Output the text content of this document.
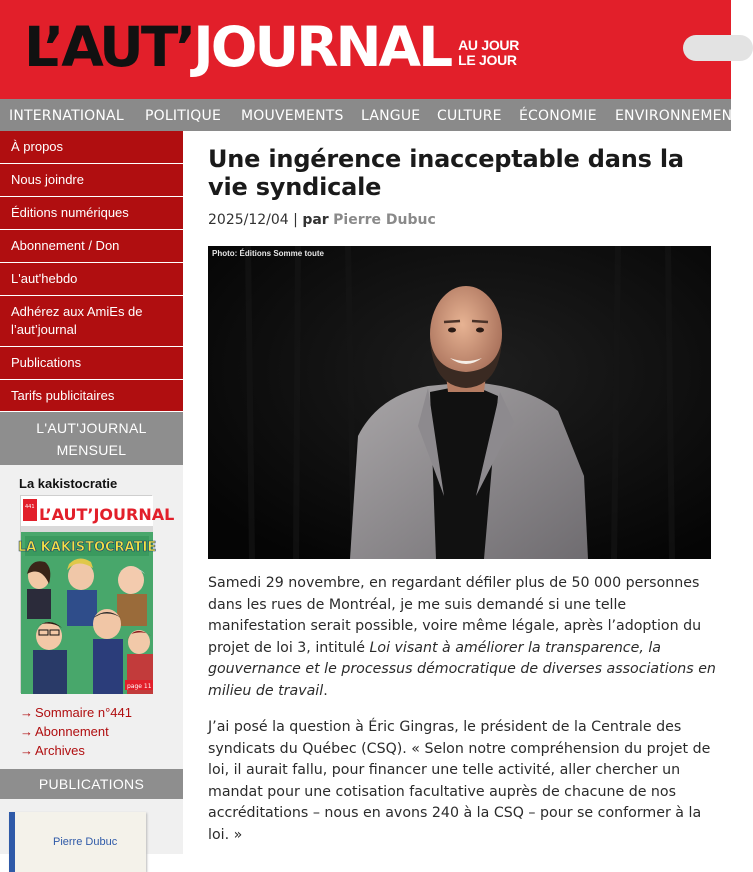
L’AUT’JOURNAL AU JOUR
LE JOUR
INTERNATIONAL POLITIQUE MOUVEMENTS LANGUE CULTURE ÉCONOMIE ENVIRONNEMENT
À propos
Nous joindre
Éditions numériques
Abonnement / Don
L'aut'hebdo
Adhérez aux AmiEs de
l’aut’journal
Publications
Tarifs publicitaires
L'AUT'JOURNAL
MENSUEL
La kakistocratie
L’AUT’JOURNAL
LA KAKISTOCRATIE
441
page 11
→ Sommaire n°441
→ Abonnement
→ Archives
PUBLICATIONS
Pierre Dubuc
Une ingérence inacceptable dans la vie syndicale
2025/12/04 | par Pierre Dubuc
Photo: Éditions Somme toute

Samedi 29 novembre, en regardant défiler plus de 50 000 personnes dans les rues de Montréal, je me suis demandé si une telle manifestation serait possible, voire même légale, après l’adoption du projet de loi 3, intitulé Loi visant à améliorer la transparence, la gouvernance et le processus démocratique de diverses associations en milieu de travail.

J’ai posé la question à Éric Gingras, le président de la Centrale des syndicats du Québec (CSQ). « Selon notre compréhension du projet de loi, il aurait fallu, pour financer une telle activité, aller chercher un mandat pour une cotisation facultative auprès de chacune de nos accréditations – nous en avons 240 à la CSQ – pour se conformer à la loi. »
